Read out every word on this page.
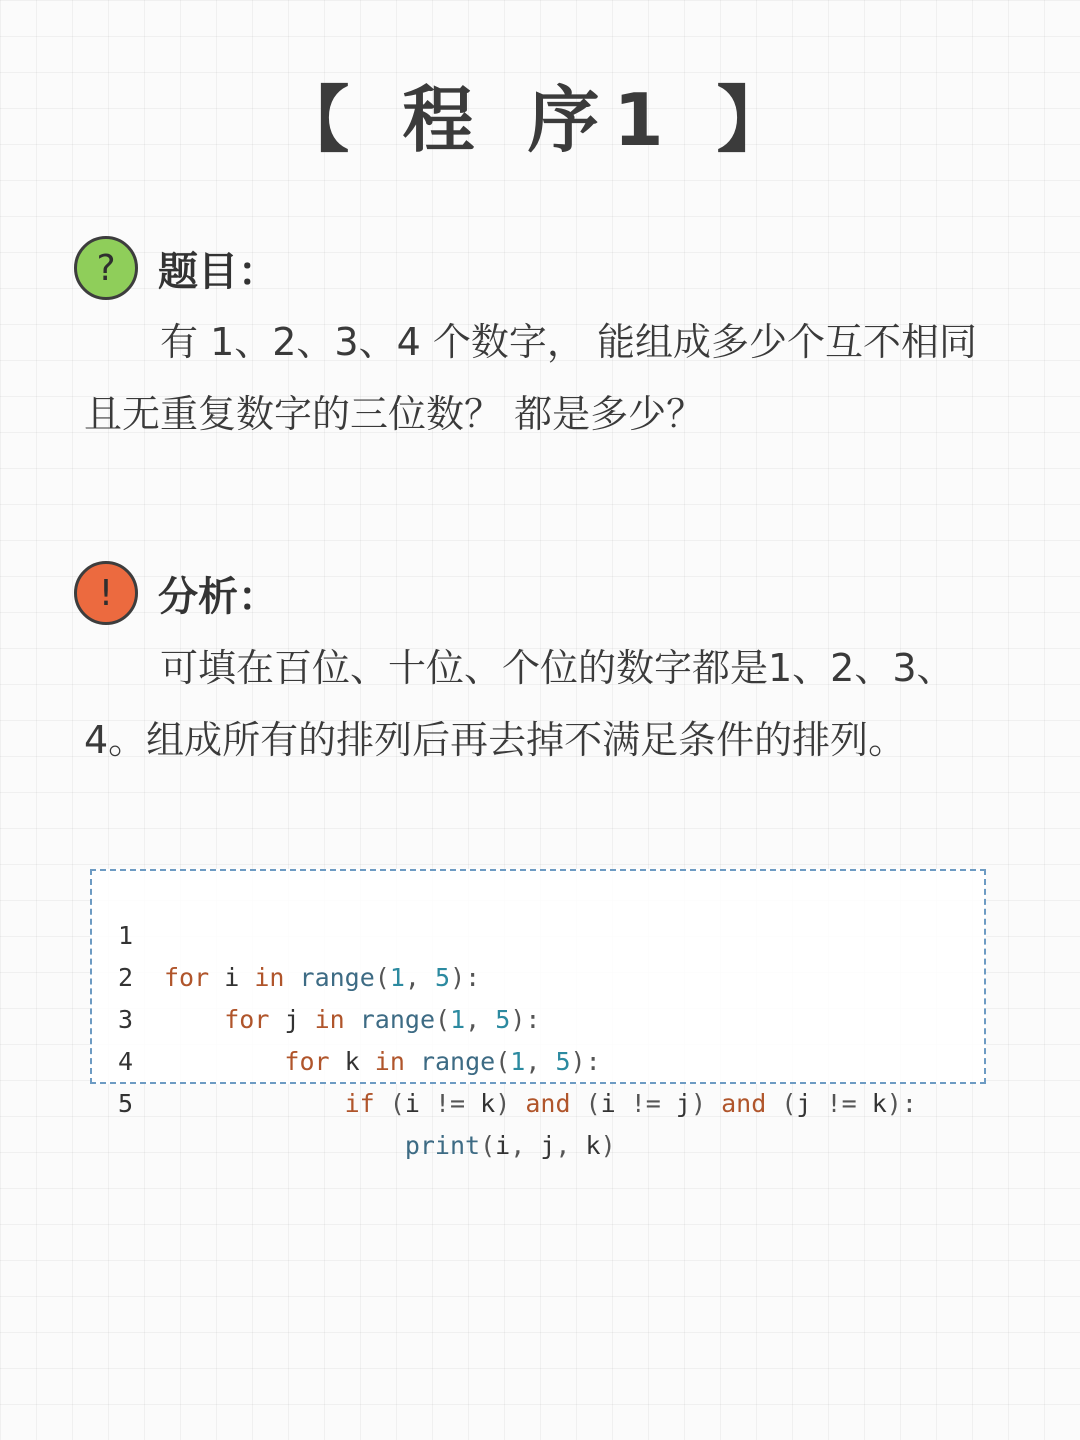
【 程 序1 】
?	题目：

有 1、2、3、4 个数字， 能组成多少个互不相同且无重复数字的三位数？ 都是多少？

!	分析：

可填在百位、十位、个位的数字都是1、2、3、4。组成所有的排列后再去掉不满足条件的排列。

1

for i in range(1, 5):

2

for j in range(1, 5):

3

for k in range(1, 5):

4

if (i != k) and (i != j) and (j != k):

5

print(i, j, k)
